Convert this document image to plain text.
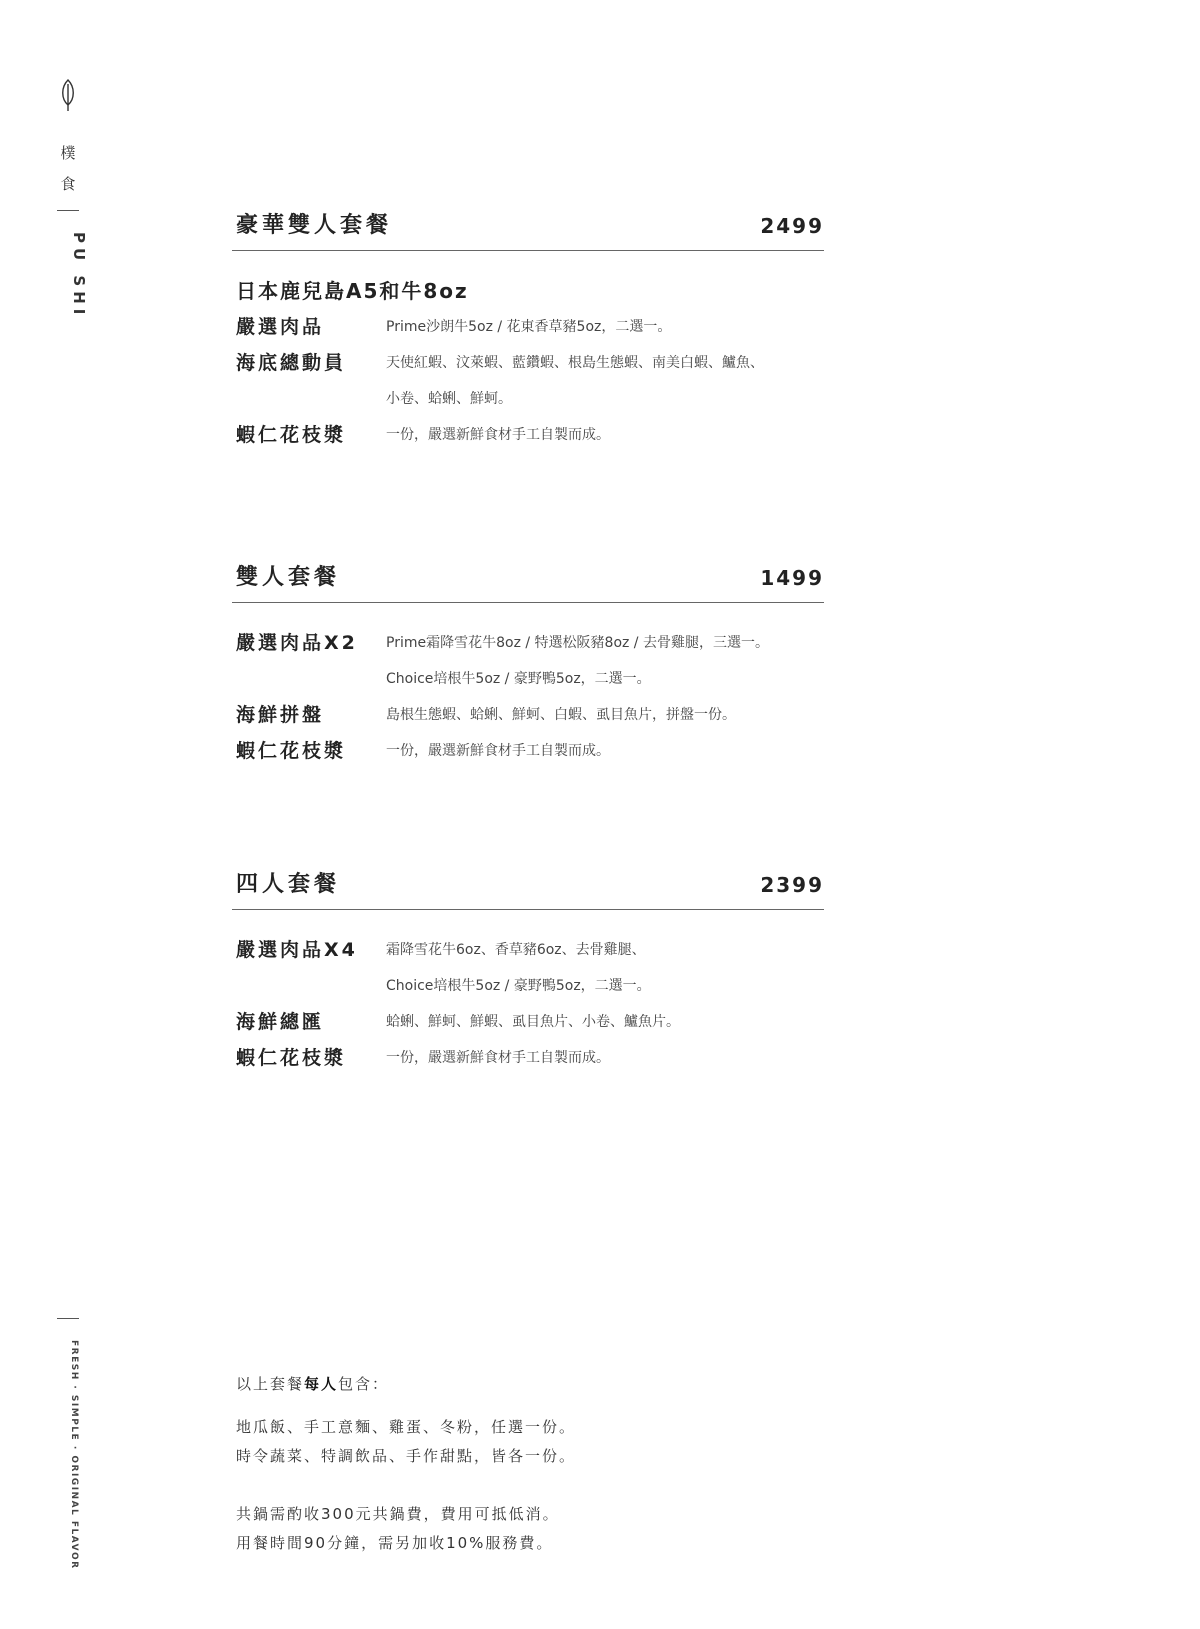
樸
食
PU SHI
FRESH · SIMPLE · ORIGINAL FLAVOR
豪華雙人套餐	2499
日本鹿兒島A5和牛8oz
嚴選肉品	Prime沙朗牛5oz / 花東香草豬5oz，二選一。
海底總動員	天使紅蝦、汶萊蝦、藍鑽蝦、根島生態蝦、南美白蝦、鱸魚、
小卷、蛤蜊、鮮蚵。
蝦仁花枝漿	一份，嚴選新鮮食材手工自製而成。
雙人套餐	1499
嚴選肉品X2	Prime霜降雪花牛8oz / 特選松阪豬8oz / 去骨雞腿，三選一。
Choice培根牛5oz / 豪野鴨5oz，二選一。
海鮮拼盤	島根生態蝦、蛤蜊、鮮蚵、白蝦、虱目魚片，拼盤一份。
蝦仁花枝漿	一份，嚴選新鮮食材手工自製而成。
四人套餐	2399
嚴選肉品X4	霜降雪花牛6oz、香草豬6oz、去骨雞腿、
Choice培根牛5oz / 豪野鴨5oz，二選一。
海鮮總匯	蛤蜊、鮮蚵、鮮蝦、虱目魚片、小卷、鱸魚片。
蝦仁花枝漿	一份，嚴選新鮮食材手工自製而成。

以上套餐每人包含：

地瓜飯、手工意麵、雞蛋、冬粉，任選一份。

時令蔬菜、特調飲品、手作甜點，皆各一份。

共鍋需酌收300元共鍋費，費用可抵低消。

用餐時間90分鐘，需另加收10%服務費。
